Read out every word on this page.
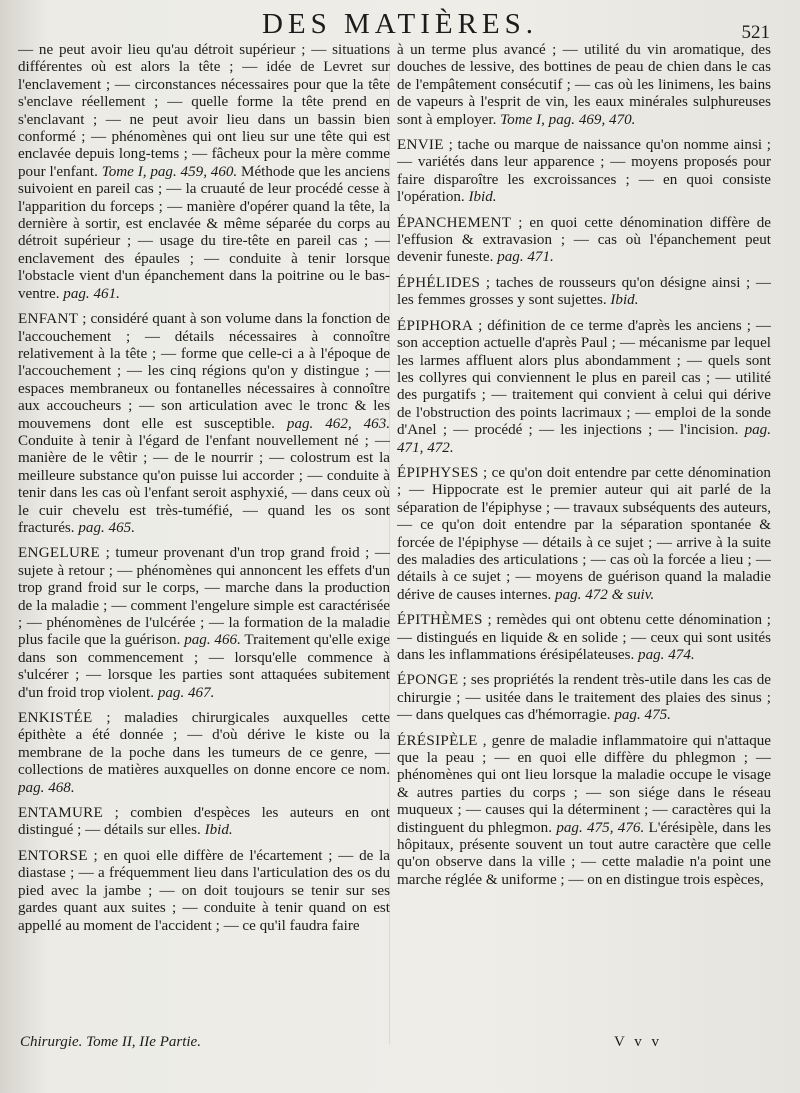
DES MATIÈRES.	521

— ne peut avoir lieu qu'au détroit supérieur ; — situations différentes où est alors la tête ; — idée de Levret sur l'enclavement ; — circonstances nécessaires pour que la tête s'enclave réellement ; — quelle forme la tête prend en s'enclavant ; — ne peut avoir lieu dans un bassin bien conformé ; — phénomènes qui ont lieu sur une tête qui est enclavée depuis long-tems ; — fâcheux pour la mère comme pour l'enfant. Tome I, pag. 459, 460. Méthode que les anciens suivoient en pareil cas ; — la cruauté de leur procédé cesse à l'apparition du forceps ; — manière d'opérer quand la tête, la dernière à sortir, est enclavée & même séparée du corps au détroit supérieur ; — usage du tire-tête en pareil cas ; — enclavement des épaules ; — conduite à tenir lorsque l'obstacle vient d'un épanchement dans la poitrine ou le bas-ventre. pag. 461.

ENFANT ; considéré quant à son volume dans la fonction de l'accouchement ; — détails nécessaires à connoître relativement à la tête ; — forme que celle-ci a à l'époque de l'accouchement ; — les cinq régions qu'on y distingue ; — espaces membraneux ou fontanelles nécessaires à connoître aux accoucheurs ; — son articulation avec le tronc & les mouvemens dont elle est susceptible. pag. 462, 463. Conduite à tenir à l'égard de l'enfant nouvellement né ; — manière de le vêtir ; — de le nourrir ; — colostrum est la meilleure substance qu'on puisse lui accorder ; — conduite à tenir dans les cas où l'enfant seroit asphyxié, — dans ceux où le cuir chevelu est très-tuméfié, — quand les os sont fracturés. pag. 465.

ENGELURE ; tumeur provenant d'un trop grand froid ; — sujete à retour ; — phénomènes qui annoncent les effets d'un trop grand froid sur le corps, — marche dans la production de la maladie ; — comment l'engelure simple est caractérisée ; — phénomènes de l'ulcérée ; — la formation de la maladie plus facile que la guérison. pag. 466. Traitement qu'elle exige dans son commencement ; — lorsqu'elle commence à s'ulcérer ; — lorsque les parties sont attaquées subitement d'un froid trop violent. pag. 467.

ENKISTÉE ; maladies chirurgicales auxquelles cette épithète a été donnée ; — d'où dérive le kiste ou la membrane de la poche dans les tumeurs de ce genre, — collections de matières auxquelles on donne encore ce nom. pag. 468.

ENTAMURE ; combien d'espèces les auteurs en ont distingué ; — détails sur elles. Ibid.

ENTORSE ; en quoi elle diffère de l'écartement ; — de la diastase ; — a fréquemment lieu dans l'articulation des os du pied avec la jambe ; — on doit toujours se tenir sur ses gardes quant aux suites ; — conduite à tenir quand on est appellé au moment de l'accident ; — ce qu'il faudra faire

à un terme plus avancé ; — utilité du vin aromatique, des douches de lessive, des bottines de peau de chien dans le cas de l'empâtement consécutif ; — cas où les linimens, les bains de vapeurs à l'esprit de vin, les eaux minérales sulphureuses sont à employer. Tome I, pag. 469, 470.

ENVIE ; tache ou marque de naissance qu'on nomme ainsi ; — variétés dans leur apparence ; — moyens proposés pour faire disparoître les excroissances ; — en quoi consiste l'opération. Ibid.

ÉPANCHEMENT ; en quoi cette dénomination diffère de l'effusion & extravasion ; — cas où l'épanchement peut devenir funeste. pag. 471.

ÉPHÉLIDES ; taches de rousseurs qu'on désigne ainsi ; — les femmes grosses y sont sujettes. Ibid.

ÉPIPHORA ; définition de ce terme d'après les anciens ; — son acception actuelle d'après Paul ; — mécanisme par lequel les larmes affluent alors plus abondamment ; — quels sont les collyres qui conviennent le plus en pareil cas ; — utilité des purgatifs ; — traitement qui convient à celui qui dérive de l'obstruction des points lacrimaux ; — emploi de la sonde d'Anel ; — procédé ; — les injections ; — l'incision. pag. 471, 472.

ÉPIPHYSES ; ce qu'on doit entendre par cette dénomination ; — Hippocrate est le premier auteur qui ait parlé de la séparation de l'épiphyse ; — travaux subséquents des auteurs, — ce qu'on doit entendre par la séparation spontanée & forcée de l'épiphyse — détails à ce sujet ; — arrive à la suite des maladies des articulations ; — cas où la forcée a lieu ; — détails à ce sujet ; — moyens de guérison quand la maladie dérive de causes internes. pag. 472 & suiv.

ÉPITHÈMES ; remèdes qui ont obtenu cette dénomination ; — distingués en liquide & en solide ; — ceux qui sont usités dans les inflammations érésipélateuses. pag. 474.

ÉPONGE ; ses propriétés la rendent très-utile dans les cas de chirurgie ; — usitée dans le traitement des plaies des sinus ; — dans quelques cas d'hémorragie. pag. 475.

ÉRÉSIPÈLE , genre de maladie inflammatoire qui n'attaque que la peau ; — en quoi elle diffère du phlegmon ; — phénomènes qui ont lieu lorsque la maladie occupe le visage & autres parties du corps ; — son siége dans le réseau muqueux ; — causes qui la déterminent ; — caractères qui la distinguent du phlegmon. pag. 475, 476. L'érésipèle, dans les hôpitaux, présente souvent un tout autre caractère que celle qu'on observe dans la ville ; — cette maladie n'a point une marche réglée & uniforme ; — on en distingue trois espèces,

Chirurgie. Tome II, IIe Partie.	V v v
